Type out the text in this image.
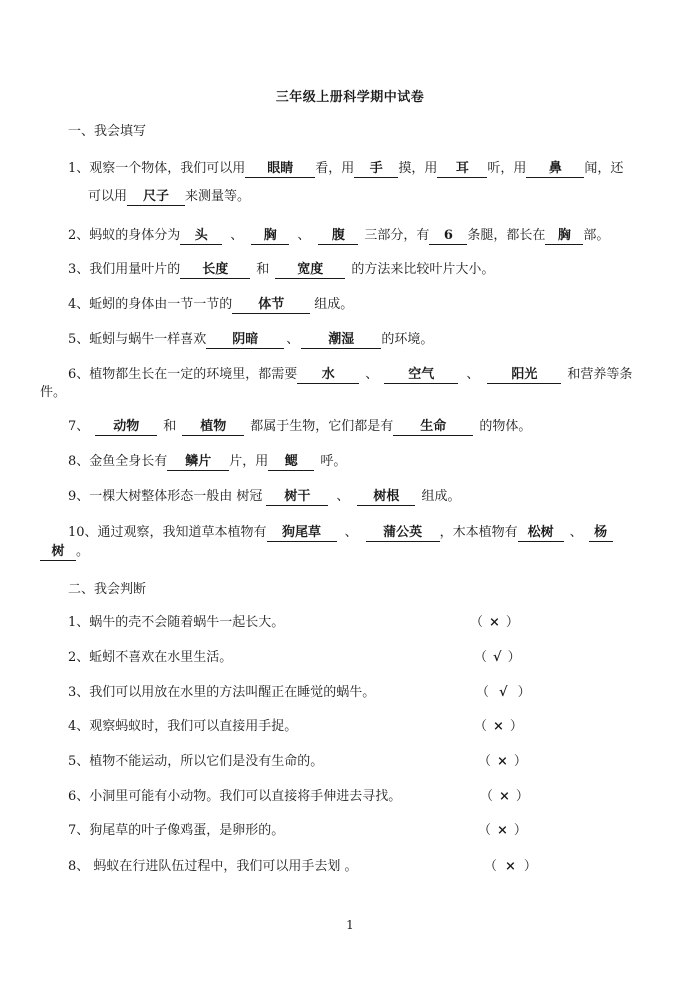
三年级上册科学期中试卷
一、我会填写
1、观察一个物体，我们可以用 眼睛 看，用 手 摸，用 耳 听，用 鼻 闻，还
可以用 尺子 来测量等。
2、蚂蚁的身体分为 头 、 胸 、 腹 三部分，有 6 条腿，都长在 胸 部。
3、我们用量叶片的 长度 和 宽度 的方法来比较叶片大小。
4、蚯蚓的身体由一节一节的 体节 组成。
5、蚯蚓与蜗牛一样喜欢 阴暗 、 潮湿 的环境。
6、植物都生长在一定的环境里，都需要 水 、 空气 、 阳光 和营养等条
件。
7、 动物 和 植物 都属于生物，它们都是有 生命	的物体。
8、金鱼全身长有 鳞片 片，用 鳃 呼。
9、一棵大树整体形态一般由 树冠 树干 、 树根 组成。
10、通过观察，我知道草本植物有 狗尾草 、 蒲公英 ，木本植物有 松树 、 杨
树 。
二、我会判断
1、蜗牛的壳不会随着蜗牛一起长大。	（ × ）
2、蚯蚓不喜欢在水里生活。	（ √ ）
3、我们可以用放在水里的方法叫醒正在睡觉的蜗牛。	（ √ ）
4、观察蚂蚁时，我们可以直接用手捉。	（ × ）
5、植物不能运动，所以它们是没有生命的。	（ × ）
6、小洞里可能有小动物。我们可以直接将手伸进去寻找。	（ × ）
7、狗尾草的叶子像鸡蛋，是卵形的。	（ × ）
8、 蚂蚁在行进队伍过程中，我们可以用手去划 。	（ × ）
1
